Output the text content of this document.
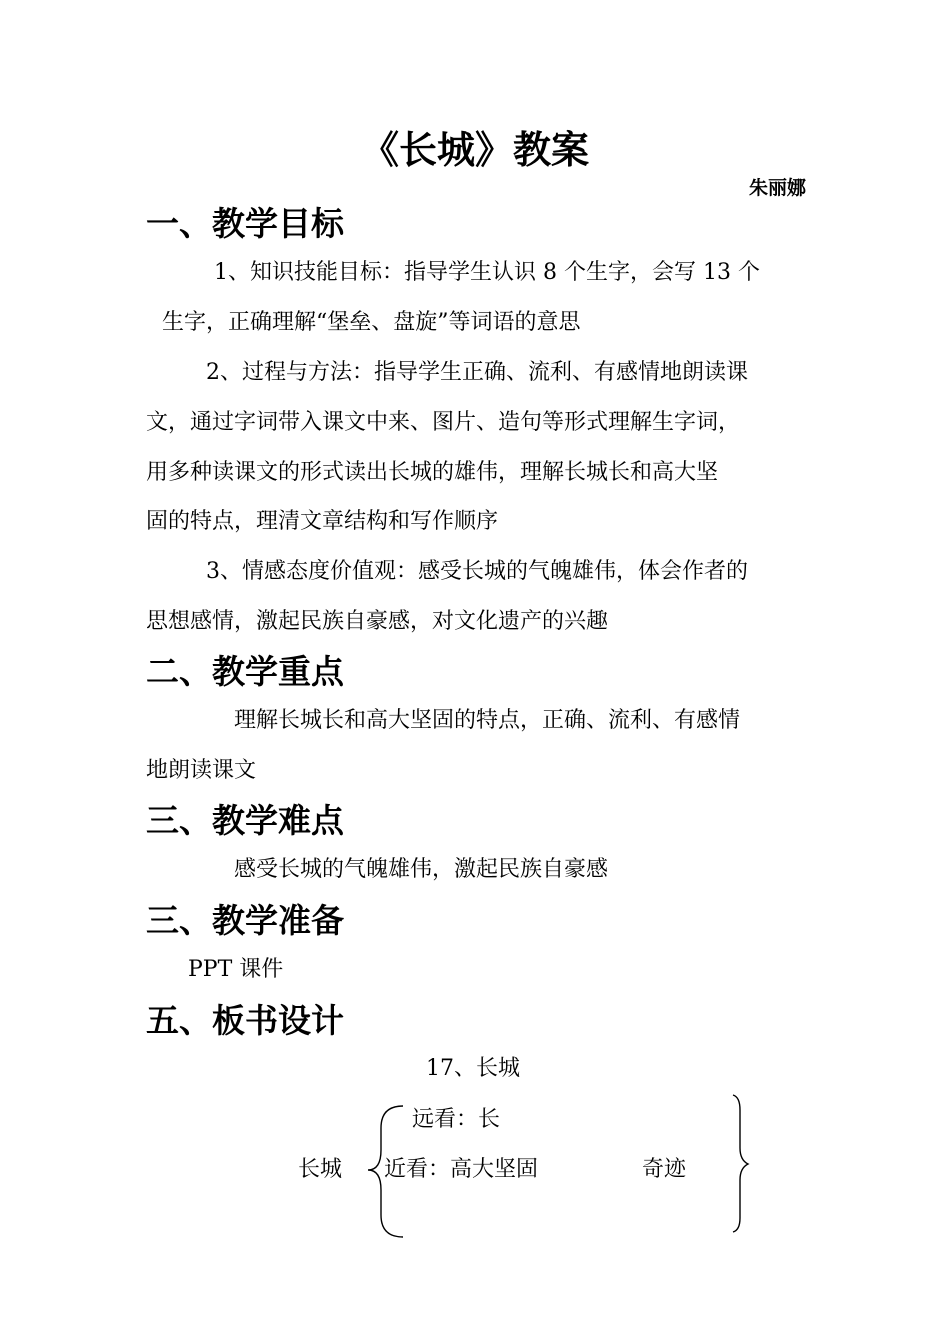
《长城》教案
朱丽娜
一、教学目标
1、知识技能目标：指导学生认识 8 个生字，会写 13 个
生字，正确理解“堡垒、盘旋”等词语的意思
2、过程与方法：指导学生正确、流利、有感情地朗读课
文，通过字词带入课文中来、图片、造句等形式理解生字词，
用多种读课文的形式读出长城的雄伟，理解长城长和高大坚
固的特点，理清文章结构和写作顺序
3、情感态度价值观：感受长城的气魄雄伟，体会作者的
思想感情，激起民族自豪感，对文化遗产的兴趣
二、教学重点
理解长城长和高大坚固的特点，正确、流利、有感情
地朗读课文
三、教学难点
感受长城的气魄雄伟，激起民族自豪感
三、教学准备
PPT 课件
五、板书设计
17、长城
远看：长
长城 近看：高大坚固	奇迹
